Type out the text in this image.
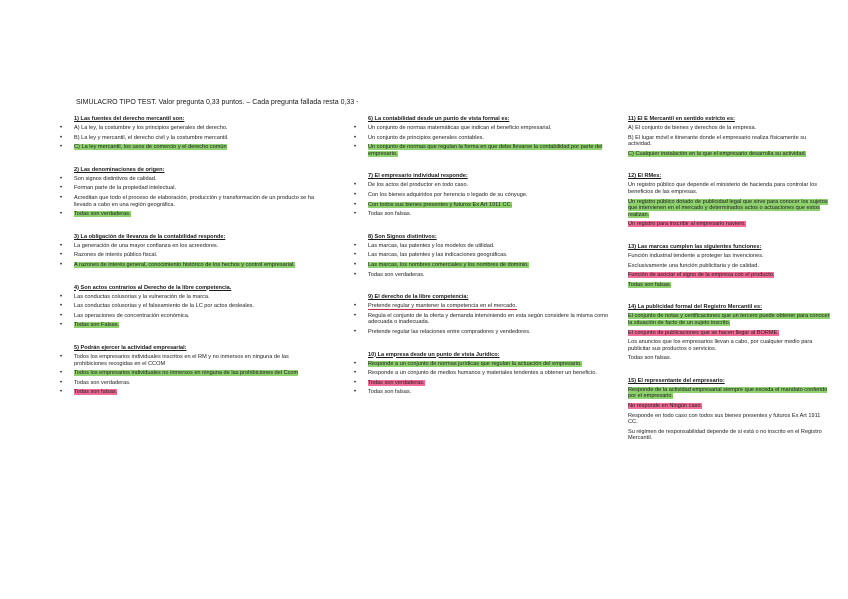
SIMULACRO TIPO TEST. Valor pregunta 0,33 puntos. – Cada pregunta fallada resta 0,33 -
1) Las fuentes del derecho mercantil son:
• A) La ley, la costumbre y los principios generales del derecho.
• B) La ley y mercantil, el derecho civil y la costumbre mercantil.
• C) La ley mercantil, los usos de comercio y el derecho común
2) Las denominaciones de origen:
• Son signos distintivos de calidad.
• Forman parte de la propiedad intelectual.
• Acreditan que todo el proceso de elaboración, producción y transformación de un producto se ha llevado a cabo en una región geográfica.
• Todas son verdaderas.
3) La obligación de llevanza de la contabilidad responde:
• La generación de una mayor confianza en los acreedores.
• Razones de interés público fiscal.
• A razones de interés general, conocimiento histórico de los hechos y control empresarial.
4) Son actos contrarios al Derecho de la libre competencia.
• Las conductas colusorias y la vulneración de la marca.
• Las conductas colusorias y el falseamiento de la LC por actos desleales.
• Las operaciones de concentración económica.
• Todas son Falsas.
5) Podrán ejercer la actividad empresarial:
• Todos los empresarios individuales inscritos en el RM y no inmersos en ninguna de las prohibiciones recogidas en el CCOM
• Todos los empresarios individuales no inmersos en ninguna de las prohibiciones del Ccom
• Todas son verdaderas.
• Todas son falsas.
6) La contabilidad desde un punto de vista formal es:
• Un conjunto de normas matemáticas que indican el beneficio empresarial.
• Un conjunto de principios generales contables.
• Un conjunto de normas que regulan la forma en que debe llevarse la contabilidad por parte del empresario.
7) El empresario individual responde:
• De los actos del productor en todo caso.
• Con los bienes adquiridos por herencia o legado de su cónyuge.
• Con todos sus bienes presentes y futuros Ex Art 1911 CC.
• Todas son falsas.
8) Son Signos distintivos:
• Las marcas, las patentes y los modelos de utilidad.
• Las marcas, las patentes y las indicaciones geográficas.
• Las marcas, los nombres comerciales y los nombres de dominio.
• Todas son verdaderas.
9) El derecho de la libre competencia:
• Pretende regular y mantener la competencia en el mercado.
• Regula el conjunto de la oferta y demanda interviniendo en esta según considere la misma como adecuada o inadecuada.
• Pretende regular las relaciones entre compradores y vendedores.
10) La empresa desde un punto de vista Jurídico:
• Responde a un conjunto de normas jurídicas que regulan la actuación del empresario.
• Responde a un conjunto de medios humanos y materiales tendentes a obtener un beneficio.
• Todas son verdaderas.
• Todas son falsas.
11) El E Mercantil en sentido estricto es:
A) El conjunto de bienes y derechos de la empresa.
B) El lugar móvil e itinerante donde el empresario realiza físicamente su actividad.
C) Cualquier instalación en la que el empresario desarrolla su actividad.
12) El RMes:
Un registro público que depende el ministerio de hacienda para controlar los beneficios de las empresas.
Un registro público dotado de publicidad legal que sirve para conocer los sujetos que intervienen en el mercado y determinados actos o actuaciones que estos realizan.
Un registro para inscribir al empresario naviero.
13) Las marcas cumplen las siguientes funciones:
Función industrial tendente a proteger las invenciones.
Exclusivamente una función publicitaria y de calidad.
Función de asociar el signo de la empresa con el producto.
Todas son falsas.
14) La publicidad formal del Registro Mercantil es:
El conjunto de notas y certificaciones que un tercero puede obtener para conocer la situación de facto de un sujeto inscrito.
El conjunto de publicaciones que se hacen llegar al BORME.
Los anuncios que los empresarios llevan a cabo, por cualquier medio para publicitar sus productos o servicios.
Todas son falsas.
15) El representante del empresario:
Responde de la actividad empresarial siempre que exceda el mandato conferido por el empresario.
No responde en Ningún caso.
Responde en todo caso con todos sus bienes presentes y futuros Ex Art 1911 CC.
Su régimen de responsabilidad depende de si está o no inscrito en el Registro Mercantil.
